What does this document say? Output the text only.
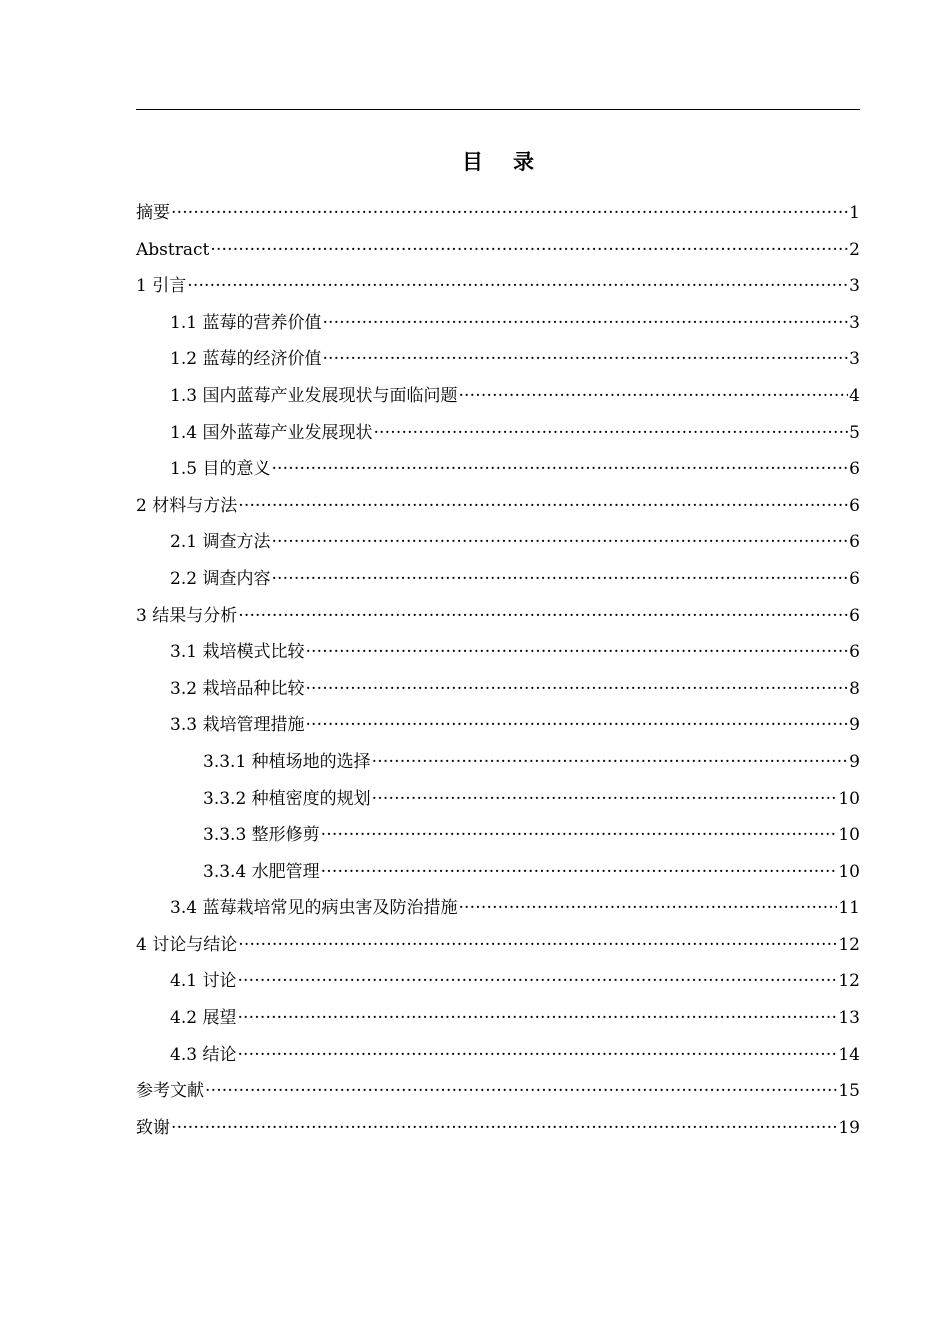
目 录
摘要 .....	1
Abstract .....	2
1 引言 .....	3
1.1 蓝莓的营养价值 .....	3
1.2 蓝莓的经济价值 .....	3
1.3 国内蓝莓产业发展现状与面临问题 .....	4
1.4 国外蓝莓产业发展现状 .....	5
1.5 目的意义 .....	6
2 材料与方法 .....	6
2.1 调查方法 .....	6
2.2 调查内容 .....	6
3 结果与分析 .....	6
3.1 栽培模式比较 .....	6
3.2 栽培品种比较 .....	8
3.3 栽培管理措施 .....	9
3.3.1 种植场地的选择 .....	9
3.3.2 种植密度的规划 .....	10
3.3.3 整形修剪 .....	10
3.3.4 水肥管理 .....	10
3.4 蓝莓栽培常见的病虫害及防治措施 .....	11
4 讨论与结论 .....	12
4.1 讨论 .....	12
4.2 展望 .....	13
4.3 结论 .....	14
参考文献 .....	15
致谢 .....	19
